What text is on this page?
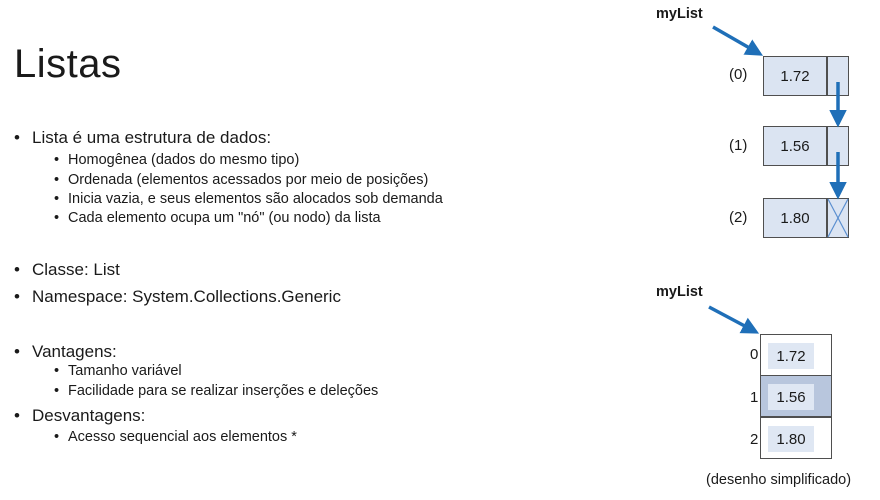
Listas
• Lista é uma estrutura de dados:
• Homogênea (dados do mesmo tipo)
• Ordenada (elementos acessados por meio de posições)
• Inicia vazia, e seus elementos são alocados sob demanda
• Cada elemento ocupa um "nó" (ou nodo) da lista
• Classe: List
• Namespace: System.Collections.Generic
• Vantagens:
• Tamanho variável
• Facilidade para se realizar inserções e deleções
• Desvantagens:
• Acesso sequencial aos elementos *
myList
(0) 1.72
(1) 1.56
(2) 1.80
myList
0	1.72
1	1.56
2	1.80
(desenho simplificado)
